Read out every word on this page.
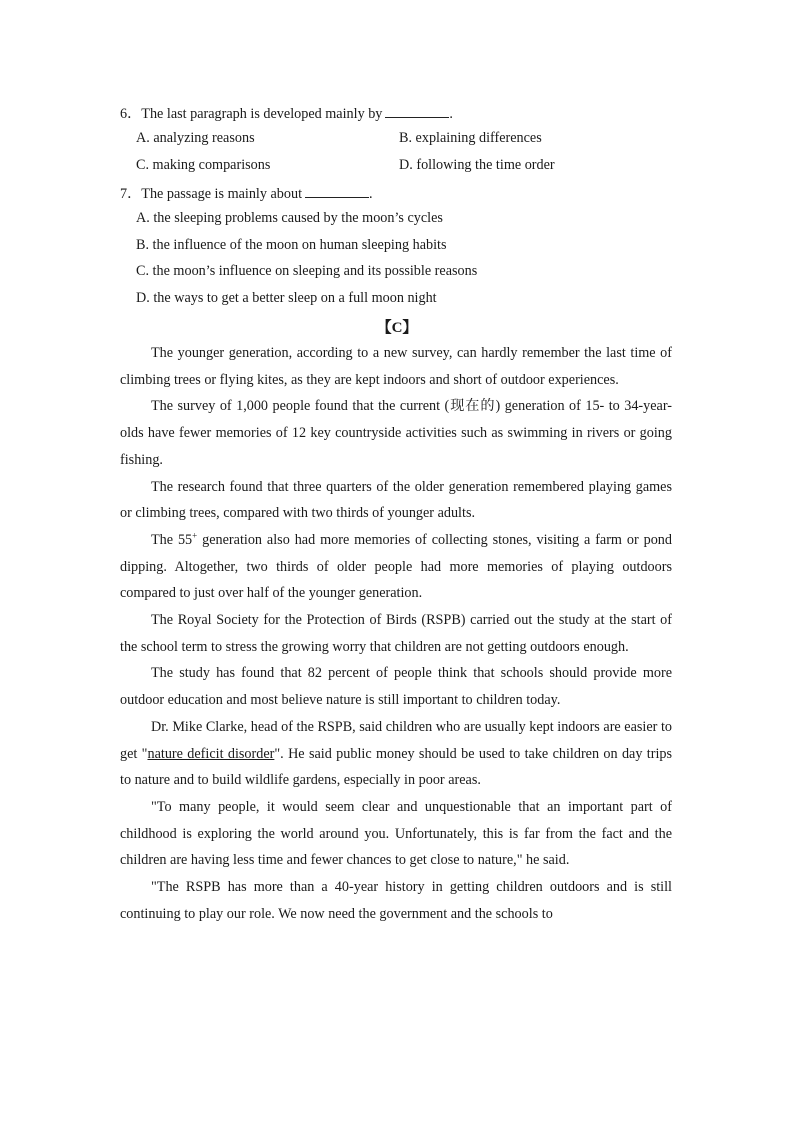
6．The last paragraph is developed mainly by	.
A. analyzing reasons	B. explaining differences
C. making comparisons	D. following the time order
7．The passage is mainly about	.
A. the sleeping problems caused by the moon’s cycles
B. the influence of the moon on human sleeping habits
C. the moon’s influence on sleeping and its possible reasons
D. the ways to get a better sleep on a full moon night
【C】

The younger generation, according to a new survey, can hardly remember the last time of climbing trees or flying kites, as they are kept indoors and short of outdoor experiences.

The survey of 1,000 people found that the current (现在的) generation of 15- to 34-year-olds have fewer memories of 12 key countryside activities such as swimming in rivers or going fishing.

The research found that three quarters of the older generation remembered playing games or climbing trees, compared with two thirds of younger adults.

The 55+ generation also had more memories of collecting stones, visiting a farm or pond dipping. Altogether, two thirds of older people had more memories of playing outdoors compared to just over half of the younger generation.

The Royal Society for the Protection of Birds (RSPB) carried out the study at the start of the school term to stress the growing worry that children are not getting outdoors enough.

The study has found that 82 percent of people think that schools should provide more outdoor education and most believe nature is still important to children today.

Dr. Mike Clarke, head of the RSPB, said children who are usually kept indoors are easier to get "nature deficit disorder". He said public money should be used to take children on day trips to nature and to build wildlife gardens, especially in poor areas.

"To many people, it would seem clear and unquestionable that an important part of childhood is exploring the world around you. Unfortunately, this is far from the fact and the children are having less time and fewer chances to get close to nature," he said.

"The RSPB has more than a 40-year history in getting children outdoors and is still continuing to play our role. We now need the government and the schools to
